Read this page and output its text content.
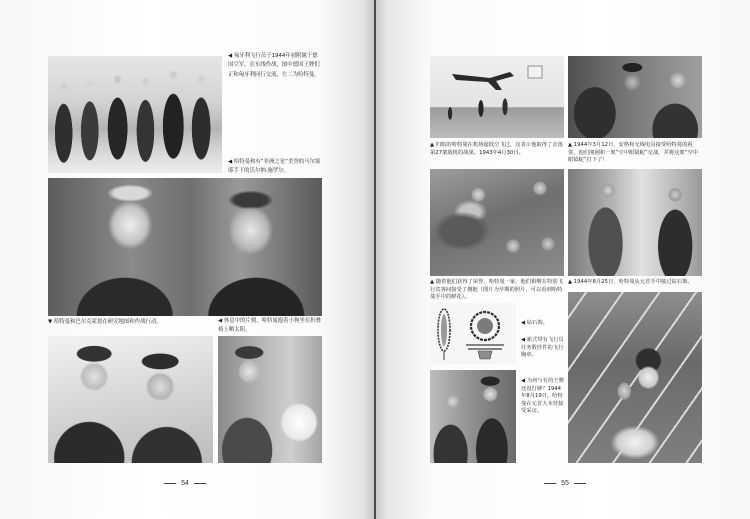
◀ 匈牙利飞行员于1944年初附属于德国空军，在东线作战，图中德国王牌们正和匈牙利同行交流，左二为哈特曼。
◀ 哈特曼和有“非洲之星”美誉的马尔塞耶手下的沃尔纳·施罗尔。
▼ 哈特曼和巴尔克霍恩在研究地图和作战行动。	◀ 休息中的片刻，哈特曼抱着小狗坐在折叠椅上晒太阳。
54
▲ 归航的哈特曼在机场超低空飞过，这表示他取得了击落第27架敌机的战果。1943年4月30日。
▲ 1944年3月12日，安格和无线电员接受哈特曼的祝贺，他们刚刚和一架“空中眼镜蛇”交战，并将这架“空中眼镜蛇”打下了！
▲ 随着他们获得了荣誉，哈特曼一家，他们相继在特别飞行宾客间接受了拥抱（图片为早期的照片，可以看到哈特曼手中的鲜花）。
▲ 1944年8月25日，哈特曼从元首手中接过钻石饰。
◀ 钻石饰。
◀ 新式带有飞行员任务数挂件的飞行胸章。
◀ 为何与有的王牌还没打够？1944年8月19日，哈特曼在元首大本营接受采访。
55
